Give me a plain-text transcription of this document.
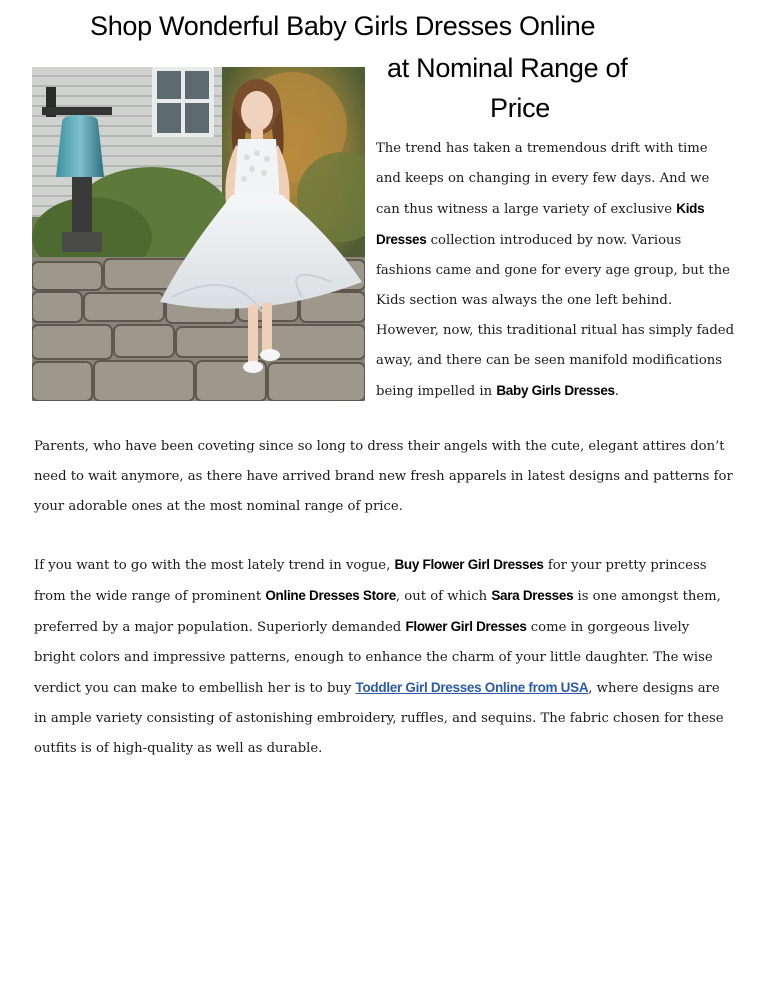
Shop Wonderful Baby Girls Dresses Online
at Nominal Range of
Price
The trend has taken a tremendous drift with time and keeps on changing in every few days. And we can thus witness a large variety of exclusive Kids Dresses collection introduced by now. Various fashions came and gone for every age group, but the Kids section was always the one left behind. However, now, this traditional ritual has simply faded away, and there can be seen manifold modifications being impelled in Baby Girls Dresses.
Parents, who have been coveting since so long to dress their angels with the cute, elegant attires don’t need to wait anymore, as there have arrived brand new fresh apparels in latest designs and patterns for your adorable ones at the most nominal range of price.
If you want to go with the most lately trend in vogue, Buy Flower Girl Dresses for your pretty princess from the wide range of prominent Online Dresses Store, out of which Sara Dresses is one amongst them, preferred by a major population. Superiorly demanded Flower Girl Dresses come in gorgeous lively bright colors and impressive patterns, enough to enhance the charm of your little daughter. The wise verdict you can make to embellish her is to buy Toddler Girl Dresses Online from USA, where designs are in ample variety consisting of astonishing embroidery, ruffles, and sequins. The fabric chosen for these outfits is of high-quality as well as durable.
